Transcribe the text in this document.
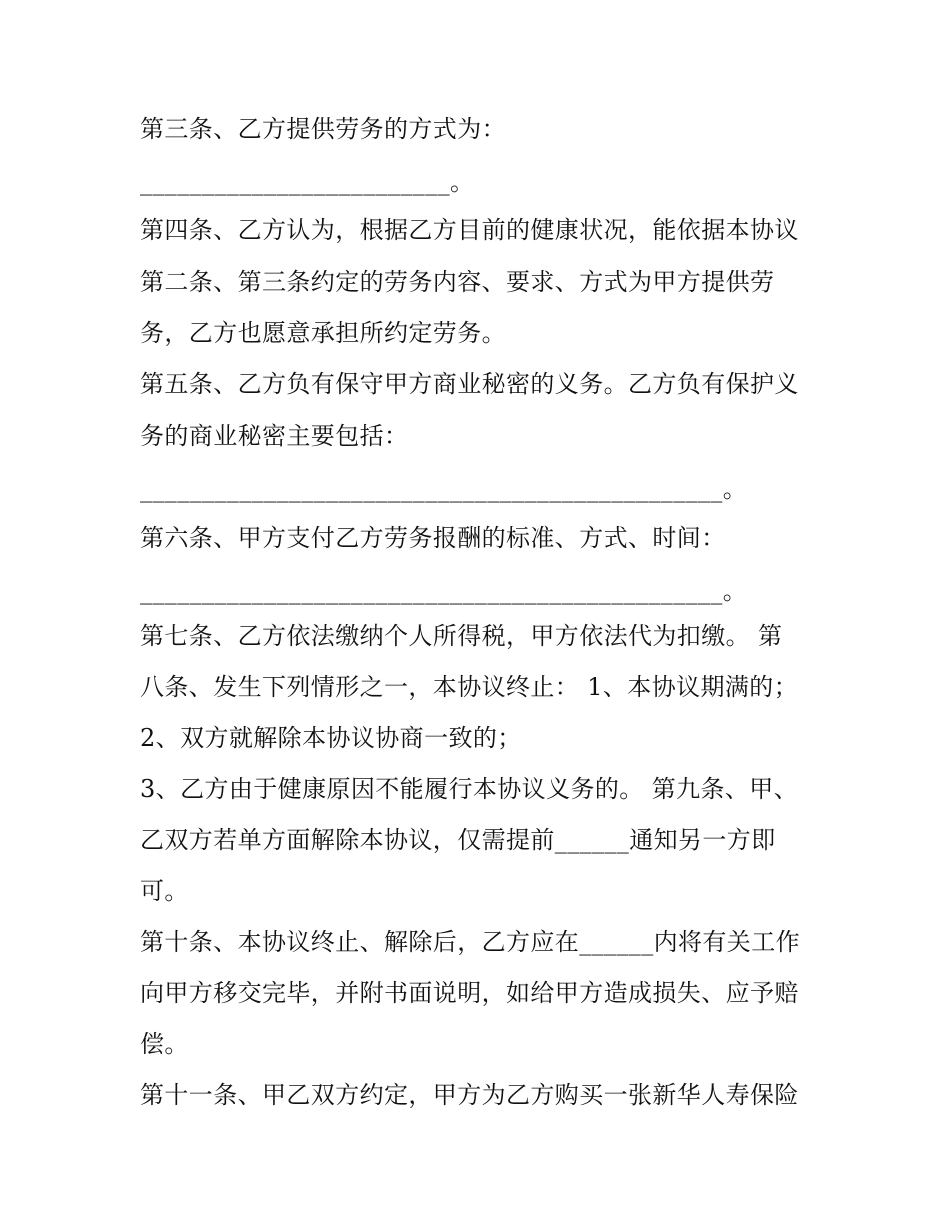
第三条、乙方提供劳务的方式为：
_________________________。
第四条、乙方认为，根据乙方目前的健康状况，能依据本协议
第二条、第三条约定的劳务内容、要求、方式为甲方提供劳
务，乙方也愿意承担所约定劳务。
第五条、乙方负有保守甲方商业秘密的义务。乙方负有保护义
务的商业秘密主要包括：
_______________________________________________。
第六条、甲方支付乙方劳务报酬的标准、方式、时间：
_______________________________________________。
第七条、乙方依法缴纳个人所得税，甲方依法代为扣缴。 第
八条、发生下列情形之一，本协议终止： 1、本协议期满的；
2、双方就解除本协议协商一致的；
3、乙方由于健康原因不能履行本协议义务的。 第九条、甲、
乙双方若单方面解除本协议，仅需提前______通知另一方即
可。
第十条、本协议终止、解除后，乙方应在______内将有关工作
向甲方移交完毕，并附书面说明，如给甲方造成损失、应予赔
偿。
第十一条、甲乙双方约定，甲方为乙方购买一张新华人寿保险
